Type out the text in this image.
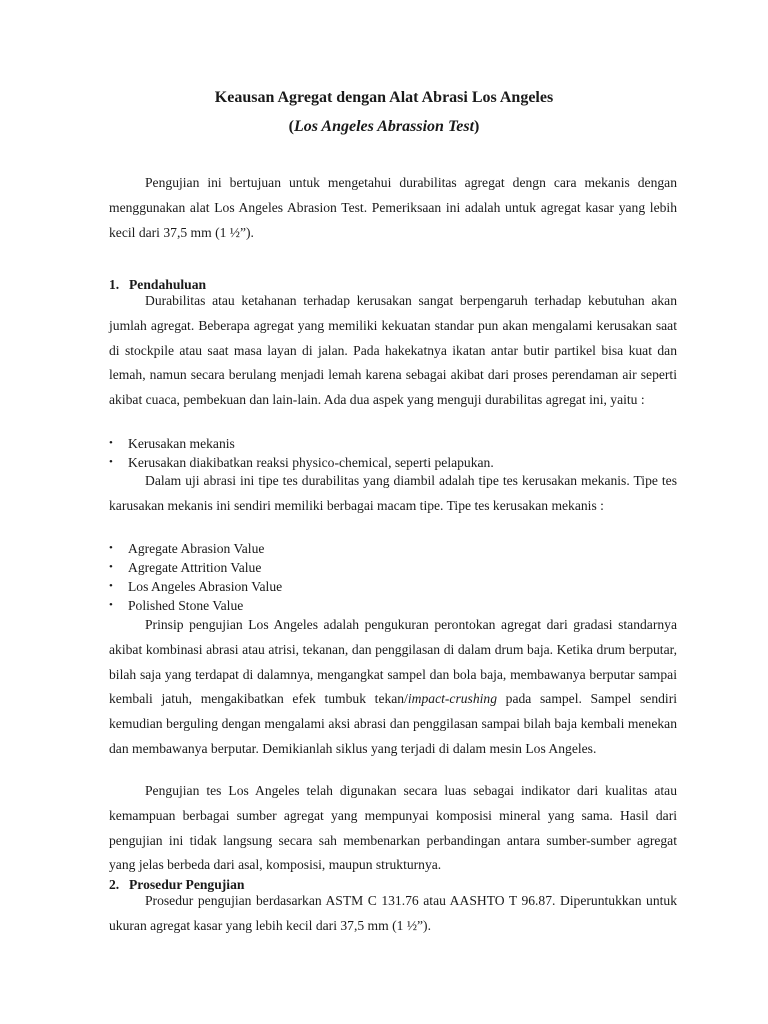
Keausan Agregat dengan Alat Abrasi Los Angeles
(Los Angeles Abrassion Test)
Pengujian ini bertujuan untuk mengetahui durabilitas agregat dengn cara mekanis dengan menggunakan alat Los Angeles Abrasion Test. Pemeriksaan ini adalah untuk agregat kasar yang lebih kecil dari 37,5 mm (1 ½”).
1. Pendahuluan
Durabilitas atau ketahanan terhadap kerusakan sangat berpengaruh terhadap kebutuhan akan jumlah agregat. Beberapa agregat yang memiliki kekuatan standar pun akan mengalami kerusakan saat di stockpile atau saat masa layan di jalan. Pada hakekatnya ikatan antar butir partikel bisa kuat dan lemah, namun secara berulang menjadi lemah karena sebagai akibat dari proses perendaman air seperti akibat cuaca, pembekuan dan lain-lain. Ada dua aspek yang menguji durabilitas agregat ini, yaitu :
•	Kerusakan mekanis
•	Kerusakan diakibatkan reaksi physico-chemical, seperti pelapukan.
Dalam uji abrasi ini tipe tes durabilitas yang diambil adalah tipe tes kerusakan mekanis. Tipe tes karusakan mekanis ini sendiri memiliki berbagai macam tipe. Tipe tes kerusakan mekanis :
•	Agregate Abrasion Value
•	Agregate Attrition Value
•	Los Angeles Abrasion Value
•	Polished Stone Value
Prinsip pengujian Los Angeles adalah pengukuran perontokan agregat dari gradasi standarnya akibat kombinasi abrasi atau atrisi, tekanan, dan penggilasan di dalam drum baja. Ketika drum berputar, bilah saja yang terdapat di dalamnya, mengangkat sampel dan bola baja, membawanya berputar sampai kembali jatuh, mengakibatkan efek tumbuk tekan/impact-crushing pada sampel. Sampel sendiri kemudian berguling dengan mengalami aksi abrasi dan penggilasan sampai bilah baja kembali menekan dan membawanya berputar. Demikianlah siklus yang terjadi di dalam mesin Los Angeles.
Pengujian tes Los Angeles telah digunakan secara luas sebagai indikator dari kualitas atau kemampuan berbagai sumber agregat yang mempunyai komposisi mineral yang sama. Hasil dari pengujian ini tidak langsung secara sah membenarkan perbandingan antara sumber-sumber agregat yang jelas berbeda dari asal, komposisi, maupun strukturnya.
2. Prosedur Pengujian
Prosedur pengujian berdasarkan ASTM C 131.76 atau AASHTO T 96.87. Diperuntukkan untuk ukuran agregat kasar yang lebih kecil dari 37,5 mm (1 ½”).
